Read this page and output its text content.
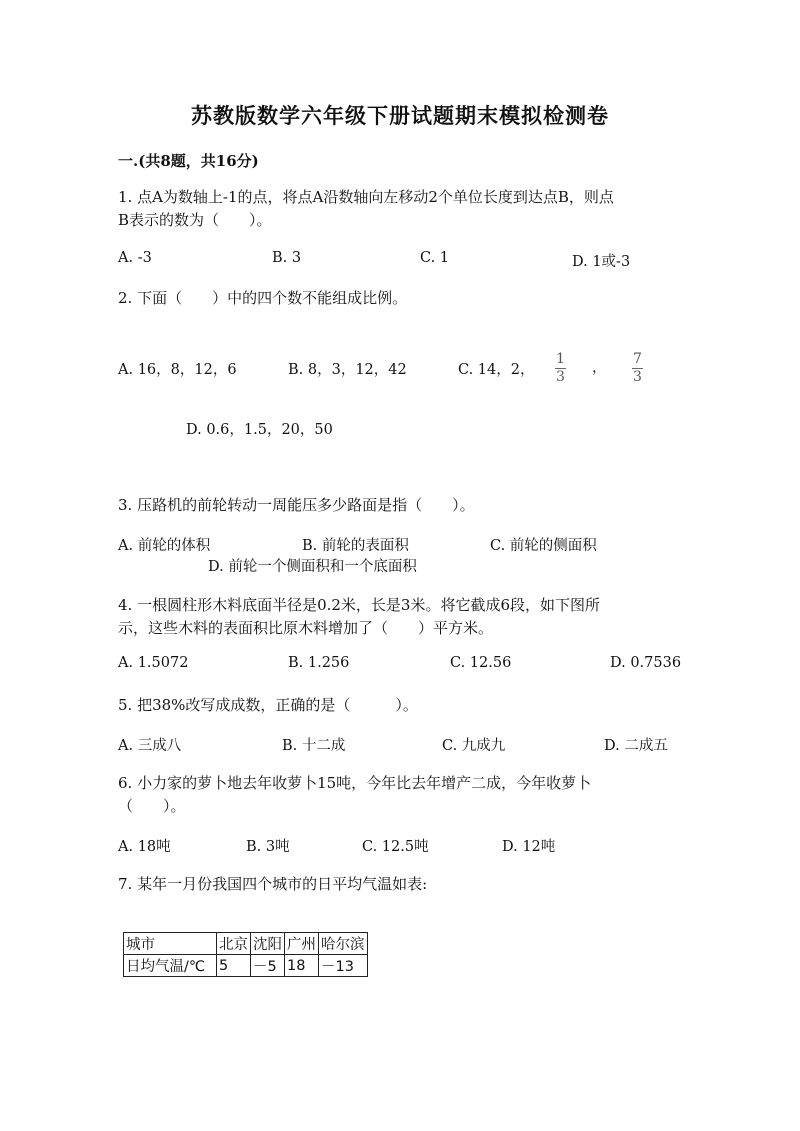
苏教版数学六年级下册试题期末模拟检测卷
一.(共8题，共16分)
1. 点A为数轴上-1的点，将点A沿数轴向左移动2个单位长度到达点B，则点
B表示的数为（　　）。
A. -3	B. 3	C. 1	D. 1或-3
2. 下面（　　）中的四个数不能组成比例。
A. 16，8，12，6	B. 8，3，12，42	C. 14，2，
1
3
，
7
3
D. 0.6，1.5，20，50
3. 压路机的前轮转动一周能压多少路面是指（　　）。
A. 前轮的体积	B. 前轮的表面积	C. 前轮的侧面积
D. 前轮一个侧面积和一个底面积
4. 一根圆柱形木料底面半径是0.2米，长是3米。将它截成6段，如下图所
示，这些木料的表面积比原木料增加了（　　）平方米。
A. 1.5072	B. 1.256	C. 12.56	D. 0.7536
5. 把38%改写成成数，正确的是（　　　）。
A. 三成八	B. 十二成	C. 九成九	D. 二成五
6. 小力家的萝卜地去年收萝卜15吨，今年比去年增产二成，今年收萝卜
（　　）。
A. 18吨	B. 3吨	C. 12.5吨	D. 12吨
7. 某年一月份我国四个城市的日平均气温如表:
城市	北京	沈阳	广州	哈尔滨
日均气温/℃	5	－5	18	－13
